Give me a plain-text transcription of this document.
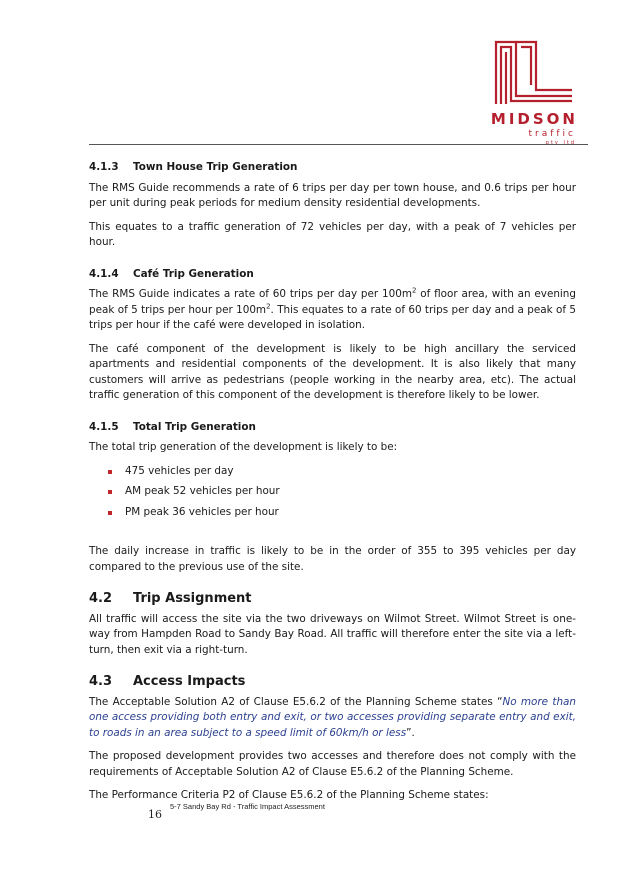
MIDSON
traffic
pty ltd
4.1.3 Town House Trip Generation

The RMS Guide recommends a rate of 6 trips per day per town house, and 0.6 trips per hour per unit during peak periods for medium density residential developments.

This equates to a traffic generation of 72 vehicles per day, with a peak of 7 vehicles per hour.

4.1.4 Café Trip Generation

The RMS Guide indicates a rate of 60 trips per day per $100m^2$ of floor area, with an evening peak of 5 trips per hour per $100m^2$. This equates to a rate of 60 trips per day and a peak of 5 trips per hour if the café were developed in isolation.

The café component of the development is likely to be high ancillary the serviced apartments and residential components of the development. It is also likely that many customers will arrive as pedestrians (people working in the nearby area, etc). The actual traffic generation of this component of the development is therefore likely to be lower.

4.1.5 Total Trip Generation

The total trip generation of the development is likely to be:

475 vehicles per day
AM peak 52 vehicles per hour
PM peak 36 vehicles per hour

The daily increase in traffic is likely to be in the order of 355 to 395 vehicles per day compared to the previous use of the site.

4.2 Trip Assignment

All traffic will access the site via the two driveways on Wilmot Street. Wilmot Street is one-way from Hampden Road to Sandy Bay Road. All traffic will therefore enter the site via a left- turn, then exit via a right-turn.

4.3 Access Impacts

The Acceptable Solution A2 of Clause E5.6.2 of the Planning Scheme states “No more than one access providing both entry and exit, or two accesses providing separate entry and exit, to roads in an area subject to a speed limit of 60km/h or less”.

The proposed development provides two accesses and therefore does not comply with the requirements of Acceptable Solution A2 of Clause E5.6.2 of the Planning Scheme.

The Performance Criteria P2 of Clause E5.6.2 of the Planning Scheme states:

16
5-7 Sandy Bay Rd - Traffic Impact Assessment
